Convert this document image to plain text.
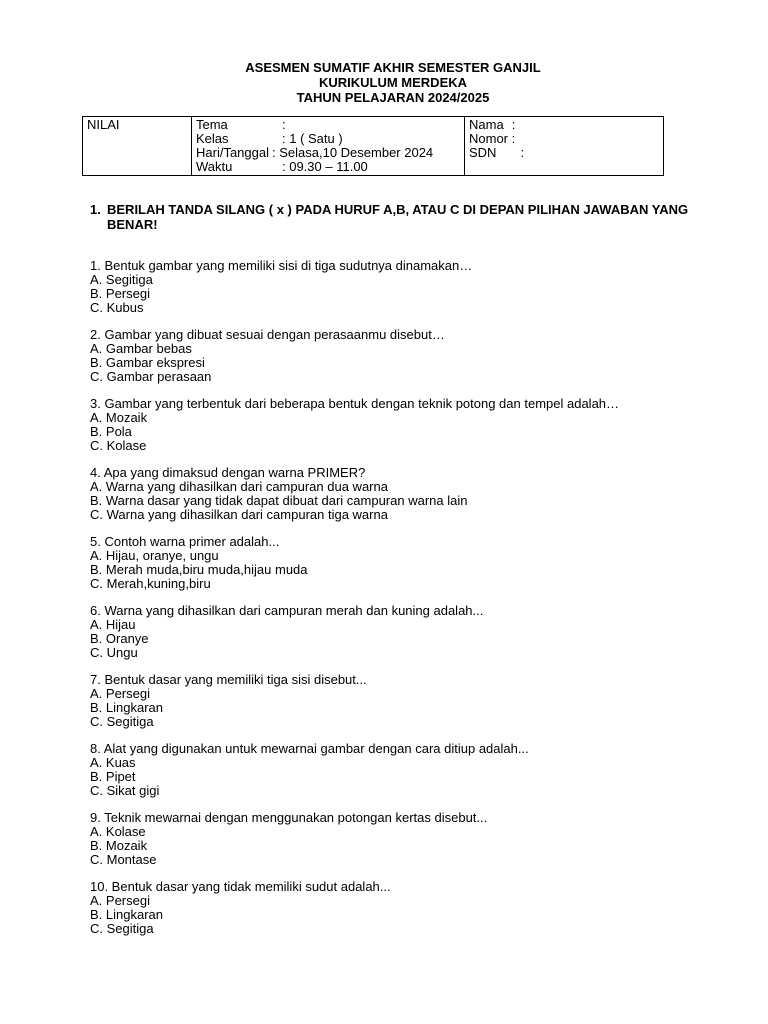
ASESMEN SUMATIF AKHIR SEMESTER GANJIL
KURIKULUM MERDEKA
TAHUN PELAJARAN 2024/2025
NILAI	Tema	:
Kelas	: 1 ( Satu )
Hari/Tanggal : Selasa,10 Desember 2024
Waktu	: 09.30 – 11.00

Nama :
Nomor :
SDN :
1. BERILAH TANDA SILANG ( x ) PADA HURUF A,B, ATAU C DI DEPAN PILIHAN JAWABAN YANG BENAR!
1. Bentuk gambar yang memiliki sisi di tiga sudutnya dinamakan…
A. Segitiga
B. Persegi
C. Kubus
2. Gambar yang dibuat sesuai dengan perasaanmu disebut…
A. Gambar bebas
B. Gambar ekspresi
C. Gambar perasaan
3. Gambar yang terbentuk dari beberapa bentuk dengan teknik potong dan tempel adalah…
A. Mozaik
B. Pola
C. Kolase
4. Apa yang dimaksud dengan warna PRIMER?
A. Warna yang dihasilkan dari campuran dua warna
B. Warna dasar yang tidak dapat dibuat dari campuran warna lain
C. Warna yang dihasilkan dari campuran tiga warna
5. Contoh warna primer adalah...
A. Hijau, oranye, ungu
B. Merah muda,biru muda,hijau muda
C. Merah,kuning,biru
6. Warna yang dihasilkan dari campuran merah dan kuning adalah...
A. Hijau
B. Oranye
C. Ungu
7. Bentuk dasar yang memiliki tiga sisi disebut...
A. Persegi
B. Lingkaran
C. Segitiga
8. Alat yang digunakan untuk mewarnai gambar dengan cara ditiup adalah...
A. Kuas
B. Pipet
C. Sikat gigi
9. Teknik mewarnai dengan menggunakan potongan kertas disebut...
A. Kolase
B. Mozaik
C. Montase
10. Bentuk dasar yang tidak memiliki sudut adalah...
A. Persegi
B. Lingkaran
C. Segitiga
